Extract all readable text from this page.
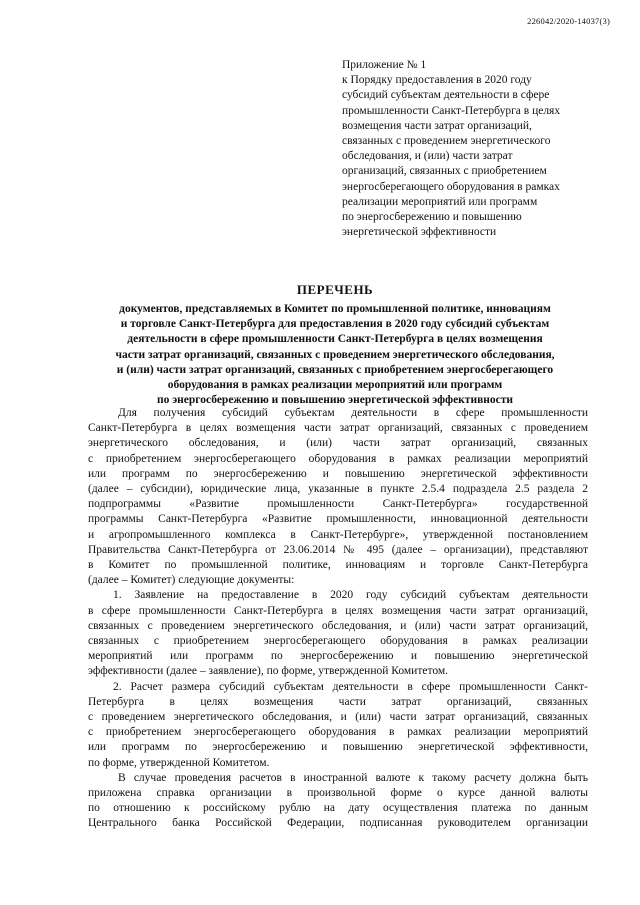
226042/2020-14037(3)
Приложение № 1
к Порядку предоставления в 2020 году
субсидий субъектам деятельности в сфере
промышленности Санкт-Петербурга в целях
возмещения части затрат организаций,
связанных с проведением энергетического
обследования, и (или) части затрат
организаций, связанных с приобретением
энергосберегающего оборудования в рамках
реализации мероприятий или программ
по энергосбережению и повышению
энергетической эффективности
ПЕРЕЧЕНЬ
документов, представляемых в Комитет по промышленной политике, инновациям
и торговле Санкт-Петербурга для предоставления в 2020 году субсидий субъектам
деятельности в сфере промышленности Санкт-Петербурга в целях возмещения
части затрат организаций, связанных с проведением энергетического обследования,
и (или) части затрат организаций, связанных с приобретением энергосберегающего
оборудования в рамках реализации мероприятий или программ
по энергосбережению и повышению энергетической эффективности
Для получения субсидий субъектам деятельности в сфере промышленности
Санкт-Петербурга в целях возмещения части затрат организаций, связанных с проведением
энергетического обследования, и (или) части затрат организаций, связанных
с приобретением энергосберегающего оборудования в рамках реализации мероприятий
или программ по энергосбережению и повышению энергетической эффективности
(далее – субсидии), юридические лица, указанные в пункте 2.5.4 подраздела 2.5 раздела 2
подпрограммы «Развитие промышленности Санкт-Петербурга» государственной
программы Санкт-Петербурга «Развитие промышленности, инновационной деятельности
и агропромышленного комплекса в Санкт-Петербурге», утвержденной постановлением
Правительства Санкт-Петербурга от 23.06.2014 № 495 (далее – организации), представляют
в Комитет по промышленной политике, инновациям и торговле Санкт-Петербурга
(далее – Комитет) следующие документы:
1. Заявление на предоставление в 2020 году субсидий субъектам деятельности
в сфере промышленности Санкт-Петербурга в целях возмещения части затрат организаций,
связанных с проведением энергетического обследования, и (или) части затрат организаций,
связанных с приобретением энергосберегающего оборудования в рамках реализации
мероприятий или программ по энергосбережению и повышению энергетической
эффективности (далее – заявление), по форме, утвержденной Комитетом.
2. Расчет размера субсидий субъектам деятельности в сфере промышленности Санкт-
Петербурга в целях возмещения части затрат организаций, связанных
с проведением энергетического обследования, и (или) части затрат организаций, связанных
с приобретением энергосберегающего оборудования в рамках реализации мероприятий
или программ по энергосбережению и повышению энергетической эффективности,
по форме, утвержденной Комитетом.
В случае проведения расчетов в иностранной валюте к такому расчету должна быть
приложена справка организации в произвольной форме о курсе данной валюты
по отношению к российскому рублю на дату осуществления платежа по данным
Центрального банка Российской Федерации, подписанная руководителем организации
